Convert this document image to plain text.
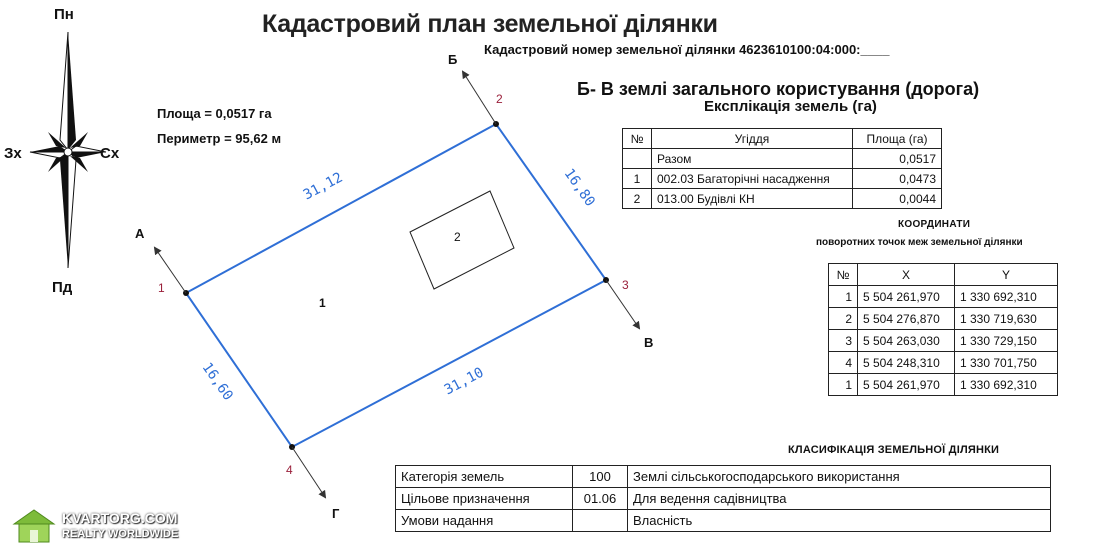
Кадастровий план земельної ділянки
Кадастровий номер земельної ділянки 4623610100:04:000:____
Площа = 0,0517 га
Периметр = 95,62 м
Пн
Пд
Зх	Сх
31,12	16,80
31,10
16,60
1
2
3
4
А
Б
В
Г
1
2
Б- В землі загального користування (дорога)
Експлікація земель (га)
№	Угіддя	Площа (га)
	Разом	0,0517
1	002.03 Багаторічні насадження	0,0473
2	013.00 Будівлі КН	0,0044
КООРДИНАТИ
поворотних точок меж земельної ділянки
№	X	Y
1	5 504 261,970	1 330 692,310
2	5 504 276,870	1 330 719,630
3	5 504 263,030	1 330 729,150
4	5 504 248,310	1 330 701,750
1	5 504 261,970	1 330 692,310
КЛАСИФІКАЦІЯ ЗЕМЕЛЬНОЇ ДІЛЯНКИ
Категорія земель	100	Землі сільськогосподарського використання
Цільове призначення	01.06	Для ведення садівництва
Умови надання		Власність
KVARTORG.COM
REALTY WORLDWIDE
